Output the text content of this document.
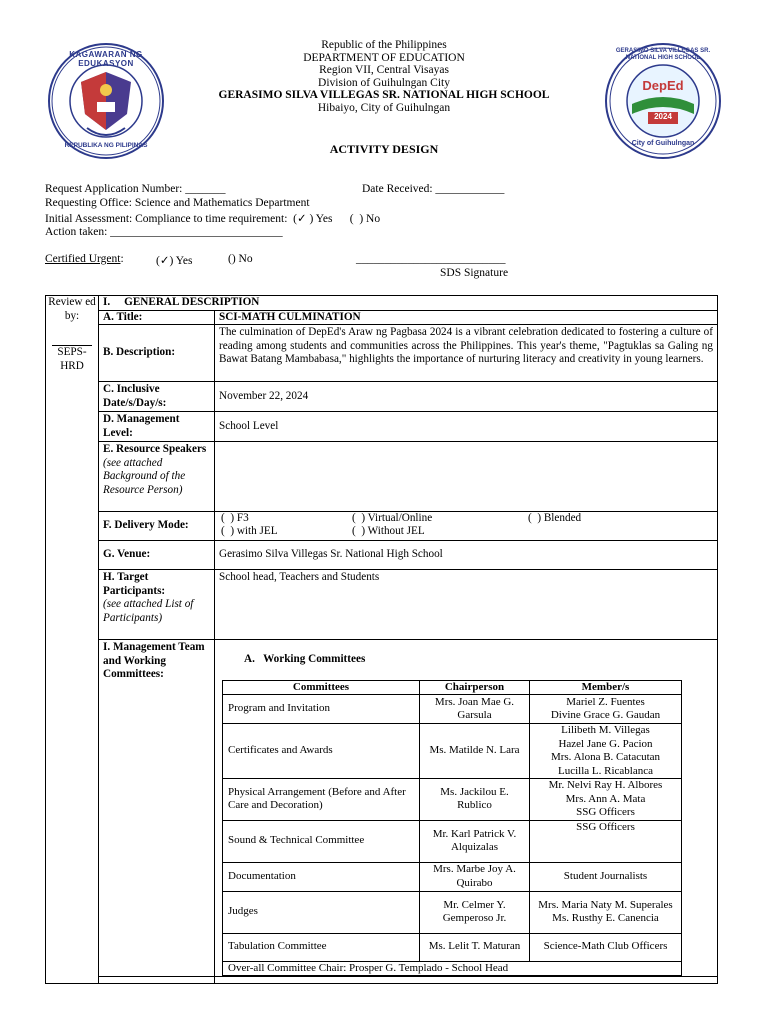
KAGAWARAN NG EDUKASYON
REPUBLIKA NG PILIPINAS
GERASIMO SILVA VILLEGAS SR. NATIONAL HIGH SCHOOL
DepEd
2024
City of Guihulngan
Republic of the Philippines
DEPARTMENT OF EDUCATION
Region VII, Central Visayas
Division of Guihulngan City
GERASIMO SILVA VILLEGAS SR. NATIONAL HIGH SCHOOL
Hibaiyo, City of Guihulngan
ACTIVITY DESIGN
Request Application Number: _______	Date Received: ____________
Requesting Office: Science and Mathematics Department
Initial Assessment: Compliance to time requirement:  (✓ ) Yes      (  ) No
Action taken: ______________________________
Certified Urgent:	(✓) Yes	() No	__________________________
SDS Signature
Review ed by:
SEPS-HRD
	I.     GENERAL DESCRIPTION
A. Title:	SCI-MATH CULMINATION
B. Description:	The culmination of DepEd's Araw ng Pagbasa 2024 is a vibrant celebration dedicated to fostering a culture of reading among students and communities across the Philippines. This year's theme, "Pagtuklas sa Galing ng Bawat Batang Mambabasa," highlights the importance of nurturing literacy and creativity in young learners.
C. Inclusive Date/s/Day/s:	November 22, 2024
D. Management Level:	School Level

E. Resource Speakers
(see attached Background of the Resource Person)

F. Delivery Mode:	
(  ) F3	(  ) Virtual/Online	(  ) Blended
(  ) with JEL	(  ) Without JEL

G. Venue:	Gerasimo Silva Villegas Sr. National High School

H. Target Participants:
(see attached List of Participants)
	School head, Teachers and Students
I. Management Team and Working Committees:	
A.   Working Committees
Committees	Chairperson	Member/s
Program and Invitation	Mrs. Joan Mae G. Garsula	Mariel Z. Fuentes
Divine Grace G. Gaudan
Certificates and Awards	Ms. Matilde N. Lara	Lilibeth M. Villegas
Hazel Jane G. Pacion
Mrs. Alona B. Catacutan
Lucilla L. Ricablanca
Physical Arrangement (Before and After Care and Decoration)	Ms. Jackilou E. Rublico	Mr. Nelvi Ray H. Albores
Mrs. Ann A. Mata
SSG Officers
Sound & Technical Committee	Mr. Karl Patrick V. Alquizalas	SSG Officers
Documentation	Mrs. Marbe Joy A. Quirabo	Student Journalists
Judges	Mr. Celmer Y. Gemperoso Jr.	Mrs. Maria Naty M. Superales
Ms. Rusthy E. Canencia
Tabulation Committee	Ms. Lelit T. Maturan	Science-Math Club Officers
Over-all Committee Chair: Prosper G. Templado - School Head
